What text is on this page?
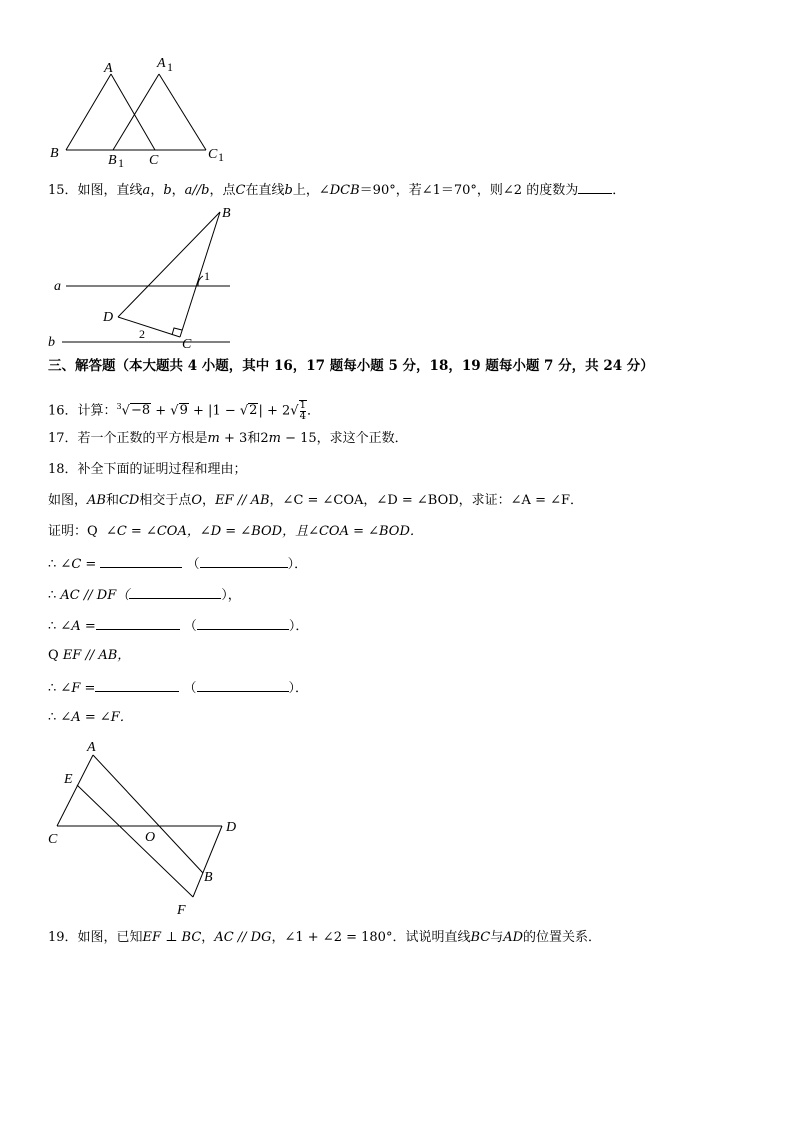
A	A 1
B	B 1 C	C 1
15．如图，直线a，b，a//b，点C在直线b上，∠DCB＝90°，若∠1＝70°，则∠2 的度数为	．
a
b
B
C
D
1
2
三、解答题（本大题共 4 小题，其中 16，17 题每小题 5 分，18，19 题每小题 7 分，共 24 分）
16．计算：$^3√-8 + √9 + |1 - √2| + 2√ \frac{1}{4}$ ．
17．若一个正数的平方根是m + 3和2m − 15，求这个正数．
18．补全下面的证明过程和理由；
如图，AB和CD相交于点O，EF // AB，∠C = ∠COA，∠D = ∠BOD，求证：∠A = ∠F．
证明：Q ∠C = ∠COA，∠D = ∠BOD，且∠COA = ∠BOD．
∴ ∠C =	（	）．
∴ AC // DF（	），
∴ ∠A =	（	）．
Q EF // AB，
∴ ∠F =	（	）．
∴ ∠A = ∠F．
A
E
C	O
D
B
F
19．如图，已知EF ⊥ BC，AC // DG，∠1 + ∠2 = 180°．试说明直线BC与AD的位置关系．
